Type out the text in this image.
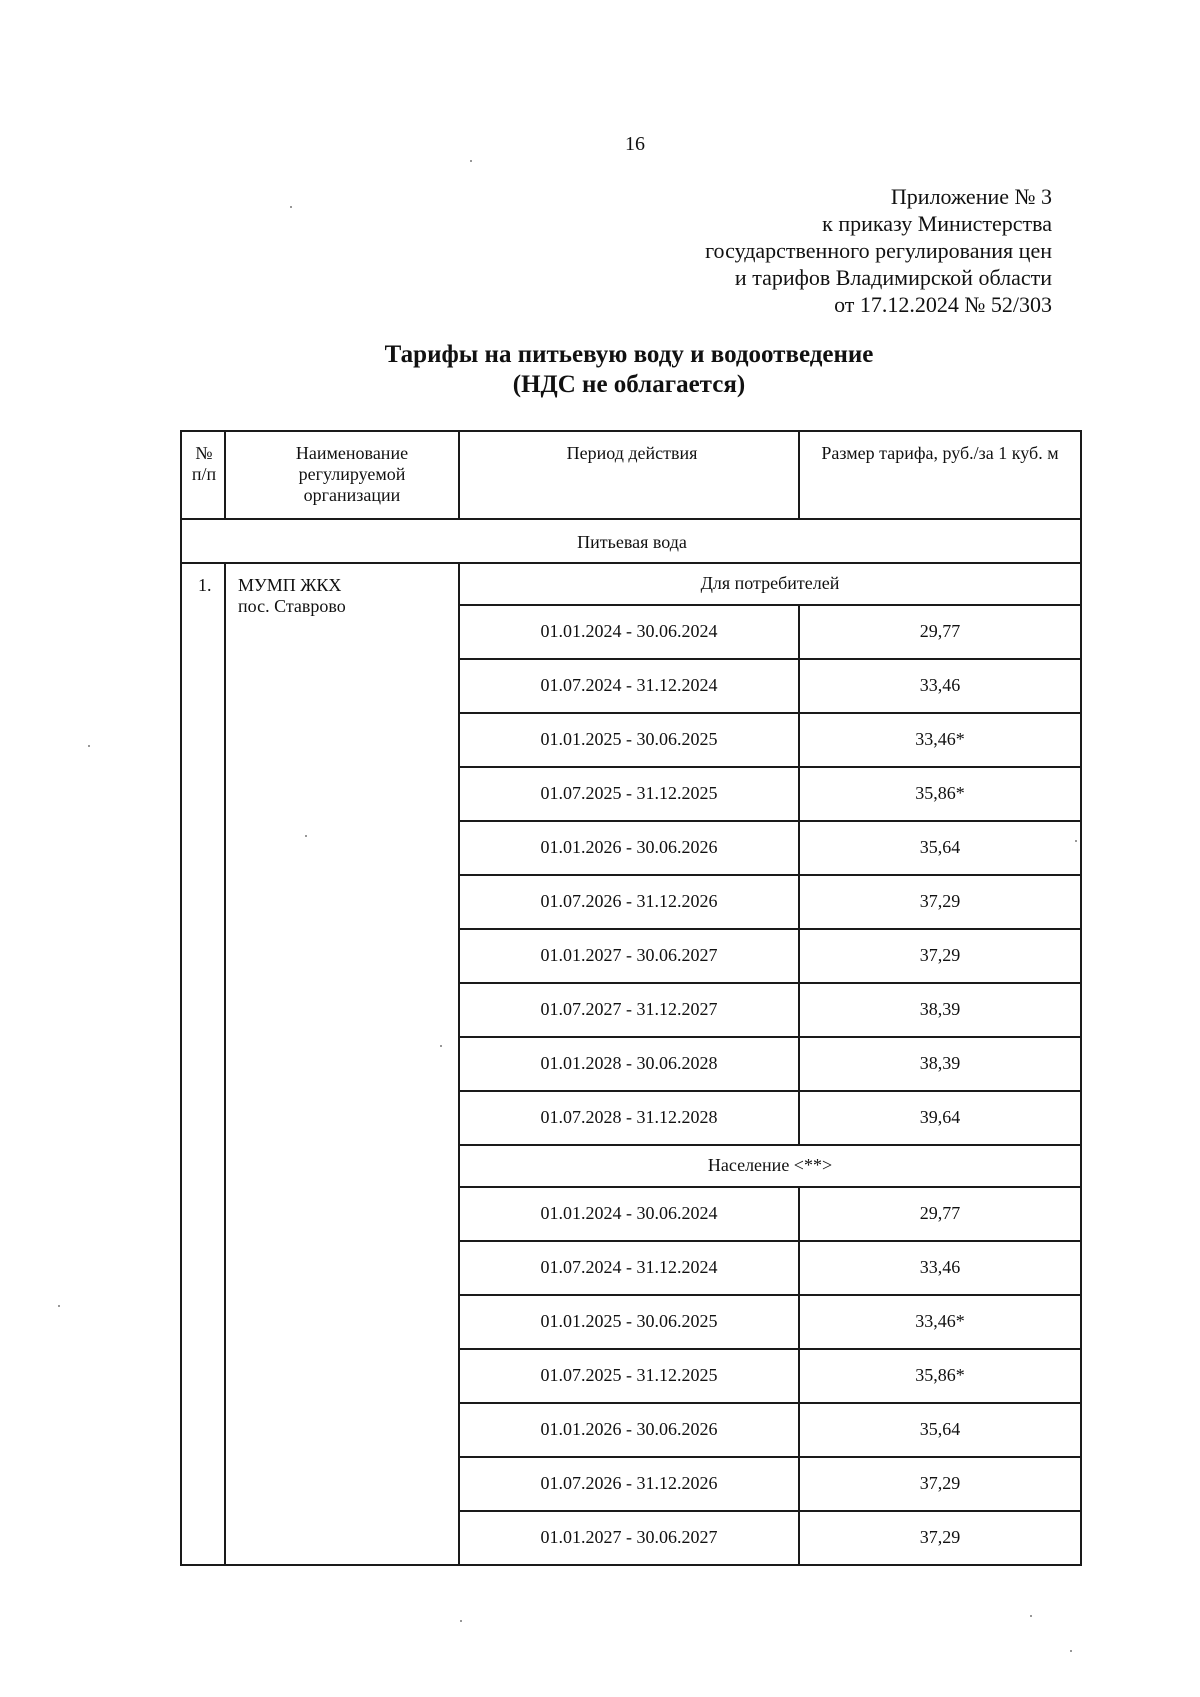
16
Приложение № 3
к приказу Министерства
государственного регулирования цен
и тарифов Владимирской области
от 17.12.2024 № 52/303
Тарифы на питьевую воду и водоотведение
(НДС не облагается)
№ п/п
Наименование регулируемой организации
Период действия	Размер тарифа, руб./за 1 куб. м
Питьевая вода
1. МУМП ЖКХ
пос. Ставрово
Для потребителей
01.01.2024 - 30.06.2024	29,77
01.07.2024 - 31.12.2024	33,46
01.01.2025 - 30.06.2025	33,46*
01.07.2025 - 31.12.2025	35,86*
01.01.2026 - 30.06.2026	35,64
01.07.2026 - 31.12.2026	37,29
01.01.2027 - 30.06.2027	37,29
01.07.2027 - 31.12.2027	38,39
01.01.2028 - 30.06.2028	38,39
01.07.2028 - 31.12.2028	39,64
Население <**>
01.01.2024 - 30.06.2024	29,77
01.07.2024 - 31.12.2024	33,46
01.01.2025 - 30.06.2025	33,46*
01.07.2025 - 31.12.2025	35,86*
01.01.2026 - 30.06.2026	35,64
01.07.2026 - 31.12.2026	37,29
01.01.2027 - 30.06.2027	37,29
